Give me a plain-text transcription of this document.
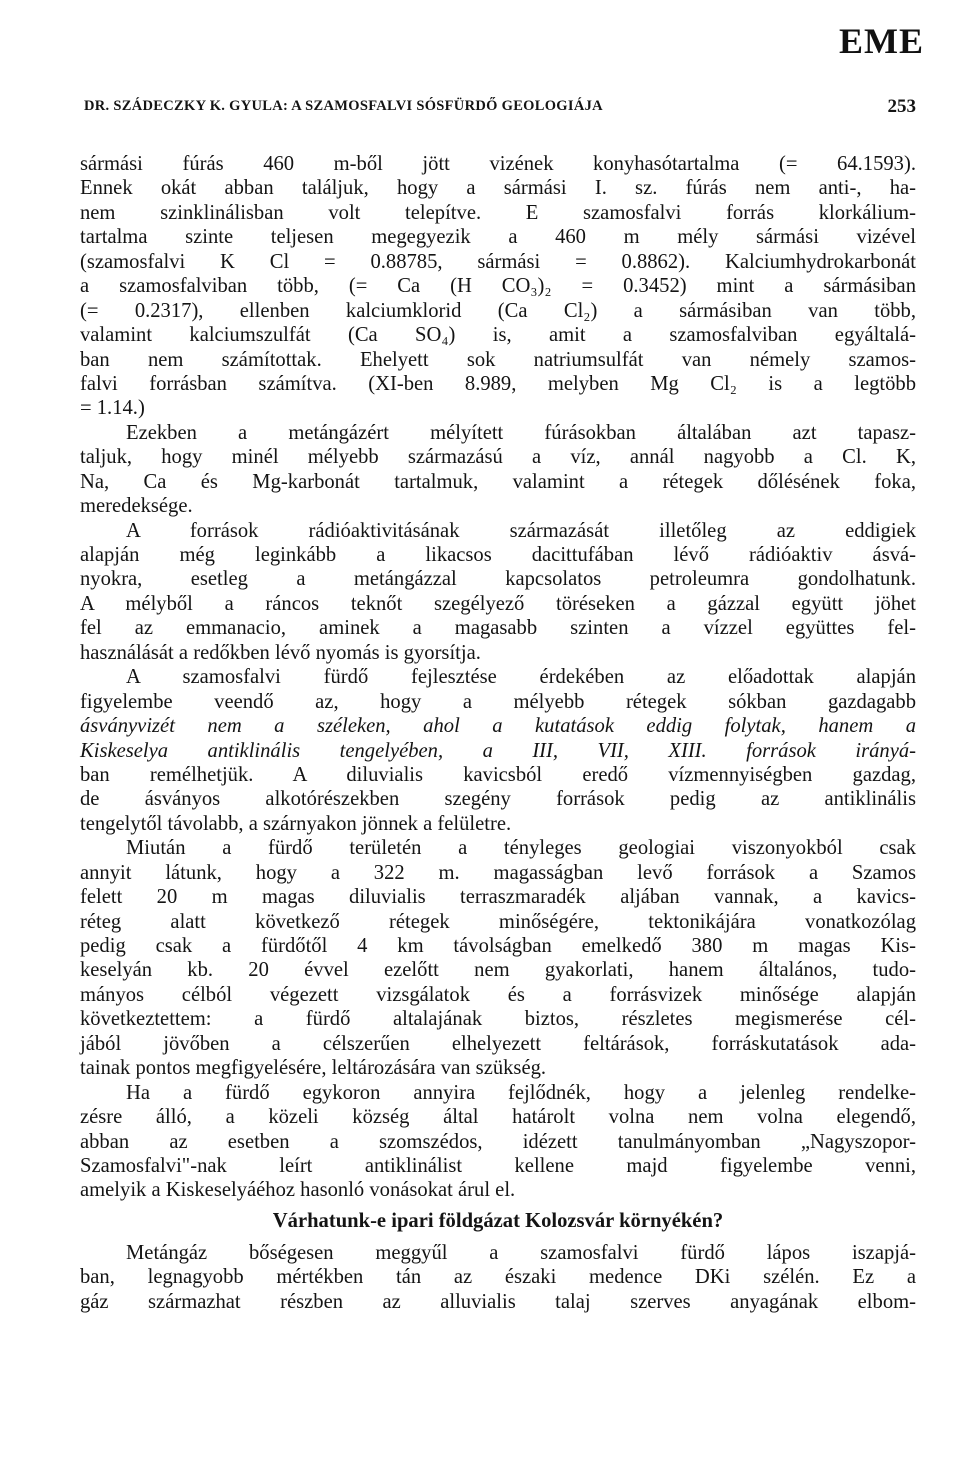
EME
DR. SZÁDECZKY K. GYULA: A SZAMOSFALVI SÓSFÜRDŐ GEOLOGIÁJA	253
sármási fúrás 460 m-ből jött vizének konyhasótartalma (= 64.1593).
Ennek okát abban találjuk, hogy a sármási I. sz. fúrás nem anti-, ha-
nem szinklinálisban volt telepítve. E szamosfalvi forrás klorkálium-
tartalma szinte teljesen megegyezik a 460 m mély sármási vizével
(szamosfalvi K Cl = 0.88785, sármási = 0.8862). Kalciumhydrokarbonát
a szamosfalviban több, (= Ca (H CO₃)₂ = 0.3452) mint a sármásiban
(= 0.2317), ellenben kalciumklorid (Ca Cl₂) a sármásiban van több,
valamint kalciumszulfát (Ca SO₄) is, amit a szamosfalviban egyáltalá-
ban nem számítottak. Ehelyett sok natriumsulfát van némely szamos-
falvi forrásban számítva. (XI-ben 8.989, melyben Mg Cl₂ is a legtöbb
= 1.14.)
Ezekben a metángázért mélyített fúrásokban általában azt tapasz-
taljuk, hogy minél mélyebb származású a víz, annál nagyobb a Cl. K,
Na, Ca és Mg-karbonát tartalmuk, valamint a rétegek dőlésének foka,
meredeksége.
A források rádióaktivitásának származását illetőleg az eddigiek
alapján még leginkább a likacsos dacittufában lévő rádióaktiv ásvá-
nyokra, esetleg a metángázzal kapcsolatos petroleumra gondolhatunk.
A mélyből a ráncos teknőt szegélyező töréseken a gázzal együtt jöhet
fel az emmanacio, aminek a magasabb szinten a vízzel együttes fel-
használását a redőkben lévő nyomás is gyorsítja.
A szamosfalvi fürdő fejlesztése érdekében az előadottak alapján
figyelembe veendő az, hogy a mélyebb rétegek sókban gazdagabb
ásványvizét nem a széleken, ahol a kutatások eddig folytak, hanem a
Kiskeselya antiklinális tengelyében, a III, VII, XIII. források irányá-
ban remélhetjük. A diluvialis kavicsból eredő vízmennyiségben gazdag,
de ásványos alkotórészekben szegény források pedig az antiklinális
tengelytől távolabb, a szárnyakon jönnek a felületre.
Miután a fürdő területén a tényleges geologiai viszonyokból csak
annyit látunk, hogy a 322 m. magasságban levő források a Szamos
felett 20 m magas diluvialis terraszmaradék aljában vannak, a kavics-
réteg alatt következő rétegek minőségére, tektonikájára vonatkozólag
pedig csak a fürdőtől 4 km távolságban emelkedő 380 m magas Kis-
keselyán kb. 20 évvel ezelőtt nem gyakorlati, hanem általános, tudo-
mányos célból végezett vizsgálatok és a forrásvizek minősége alapján
következtettem: a fürdő altalajának biztos, részletes megismerése cél-
jából jövőben a célszerűen elhelyezett feltárások, forráskutatások ada-
tainak pontos megfigyelésére, leltározására van szükség.
Ha a fürdő egykoron annyira fejlődnék, hogy a jelenleg rendelke-
zésre álló, a közeli község által határolt volna nem volna elegendő,
abban az esetben a szomszédos, idézett tanulmányomban „Nagyszopor-
Szamosfalvi"-nak leírt antiklinálist kellene majd figyelembe venni,
amelyik a Kiskeselyáéhoz hasonló vonásokat árul el.
Várhatunk-e ipari földgázat Kolozsvár környékén?
Metángáz bőségesen meggyűl a szamosfalvi fürdő lápos iszapjá-
ban, legnagyobb mértékben tán az északi medence DKi szélén. Ez a
gáz származhat részben az alluvialis talaj szerves anyagának elbom-
